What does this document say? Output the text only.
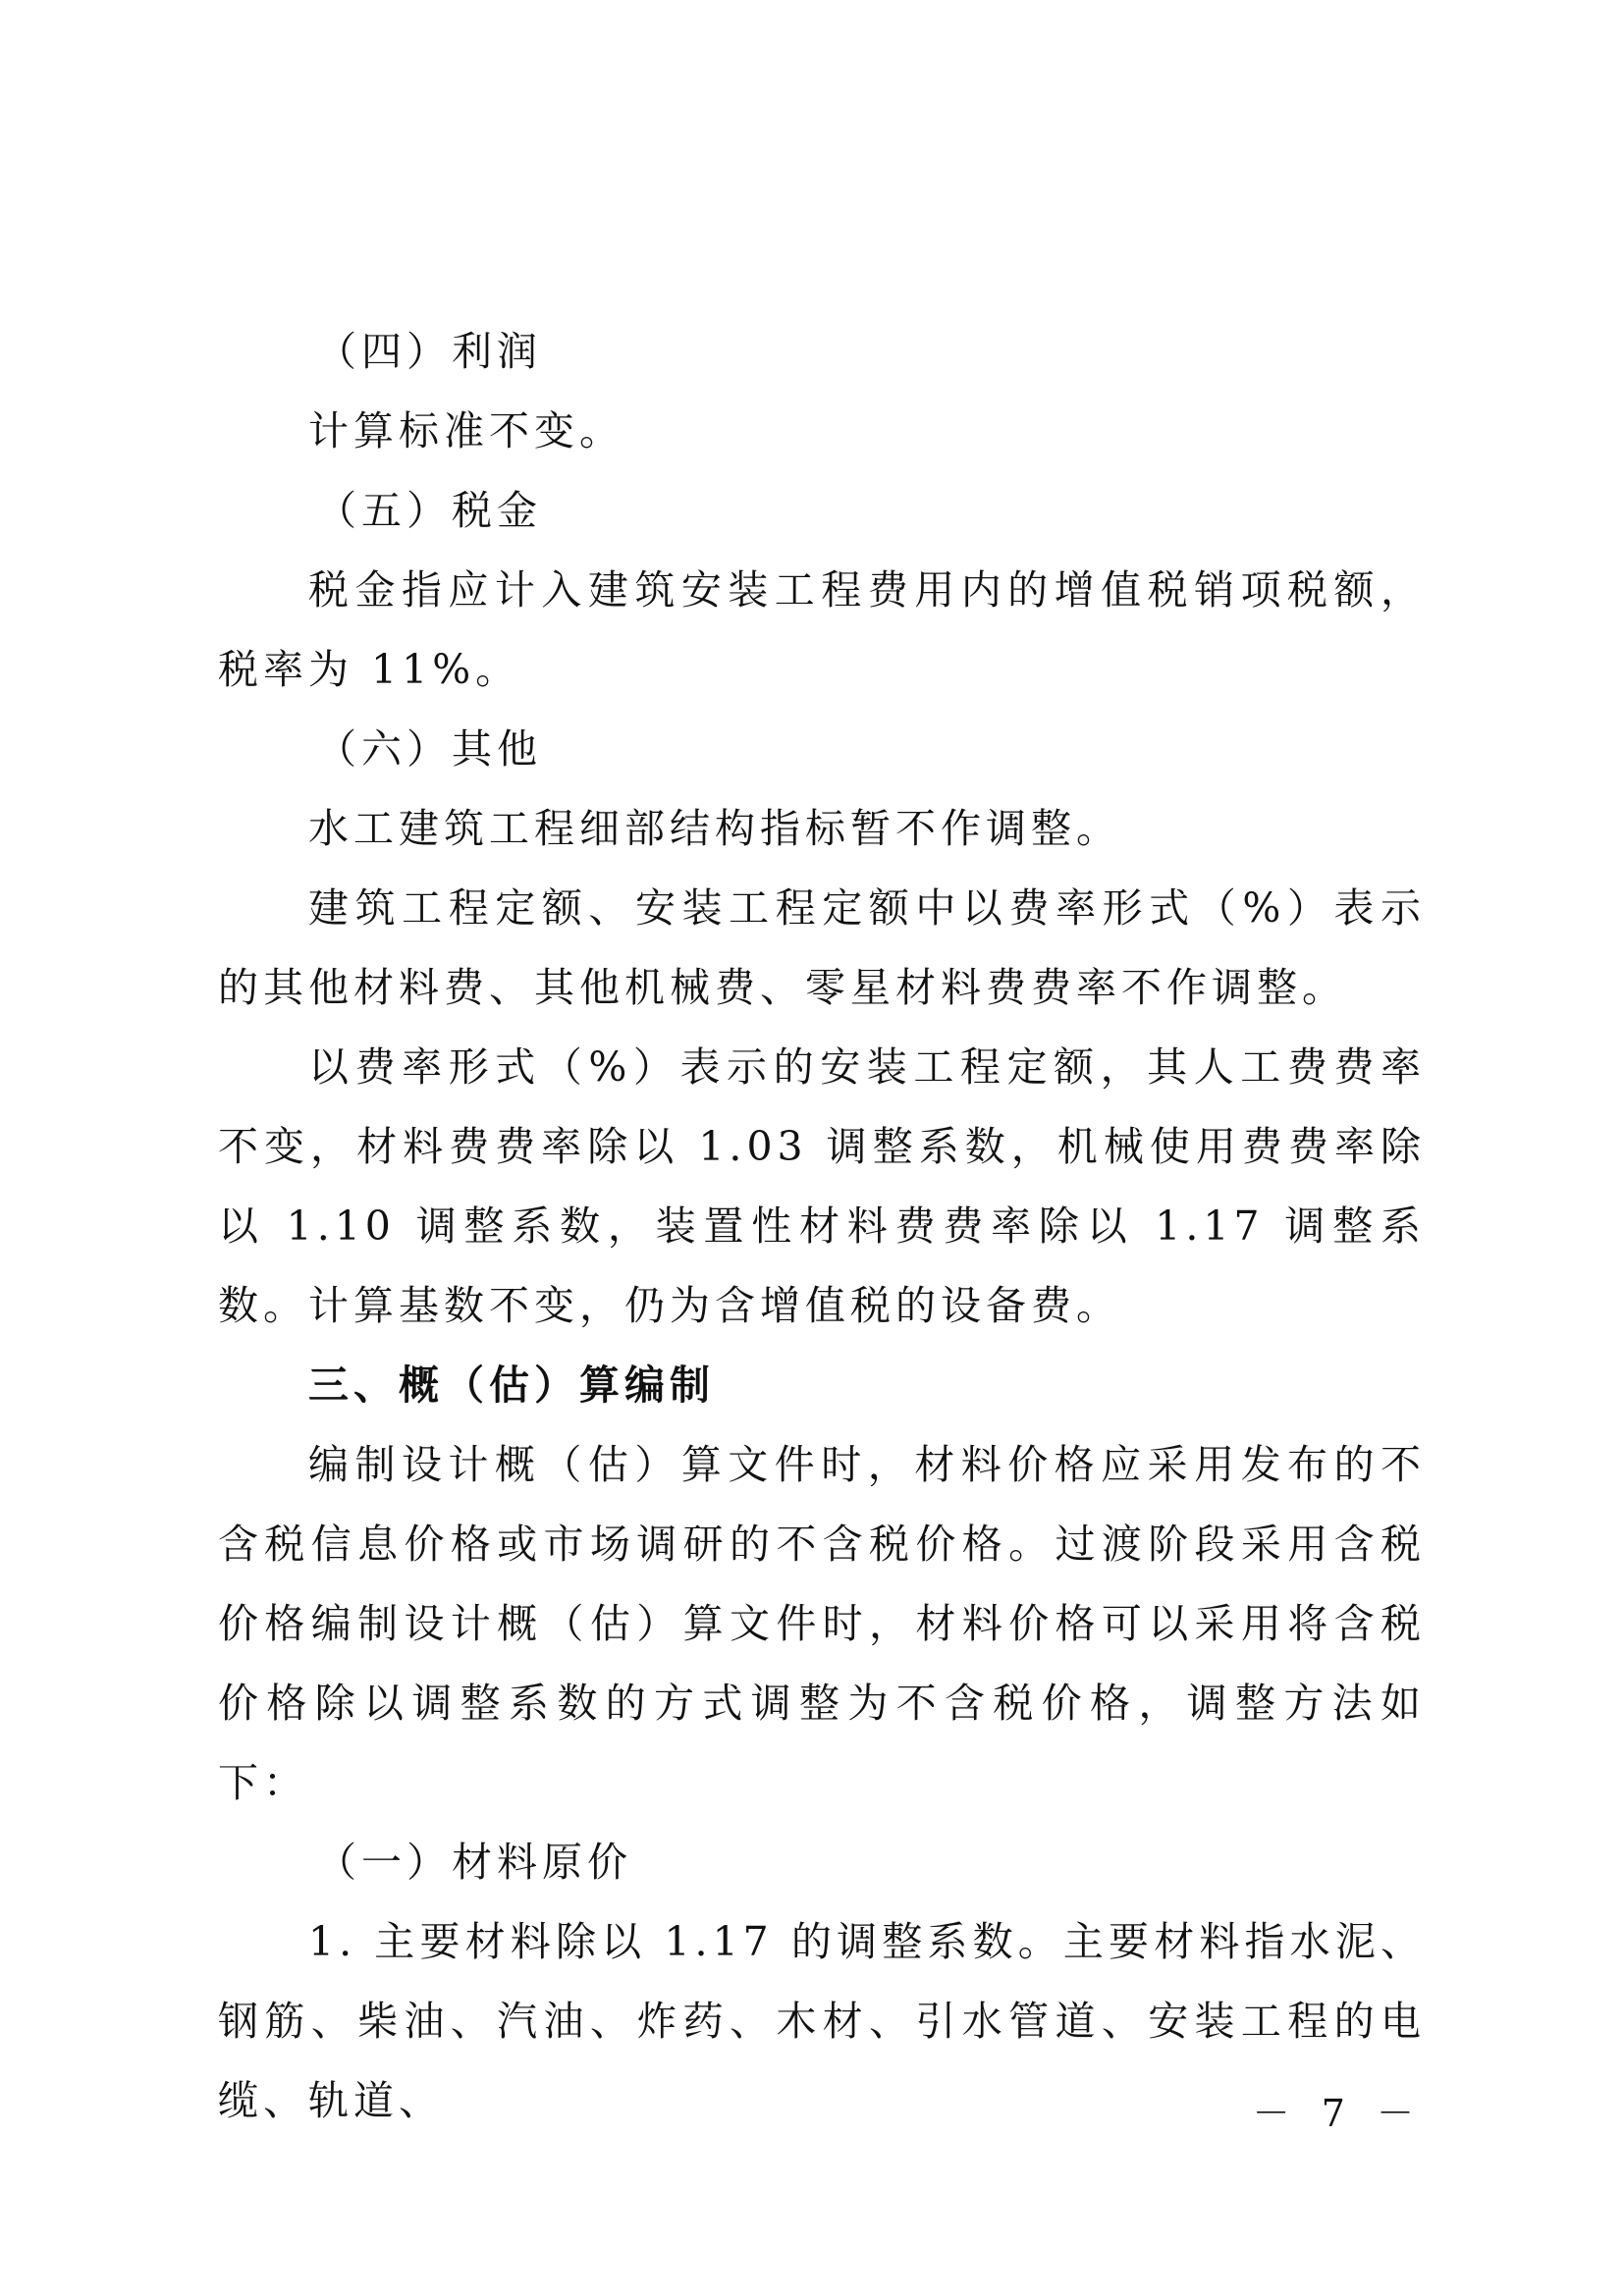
（四）利润

计算标准不变。

（五）税金

税金指应计入建筑安装工程费用内的增值税销项税额，税率为 11%。

（六）其他

水工建筑工程细部结构指标暂不作调整。

建筑工程定额、安装工程定额中以费率形式（%）表示的其他材料费、其他机械费、零星材料费费率不作调整。

以费率形式（%）表示的安装工程定额，其人工费费率不变，材料费费率除以 1.03 调整系数，机械使用费费率除以 1.10 调整系数，装置性材料费费率除以 1.17 调整系数。计算基数不变，仍为含增值税的设备费。

三、概（估）算编制

编制设计概（估）算文件时，材料价格应采用发布的不含税信息价格或市场调研的不含税价格。过渡阶段采用含税价格编制设计概（估）算文件时，材料价格可以采用将含税价格除以调整系数的方式调整为不含税价格，调整方法如下：

（一）材料原价

1. 主要材料除以 1.17 的调整系数。主要材料指水泥、钢筋、柴油、汽油、炸药、木材、引水管道、安装工程的电缆、轨道、	－ 7 －
